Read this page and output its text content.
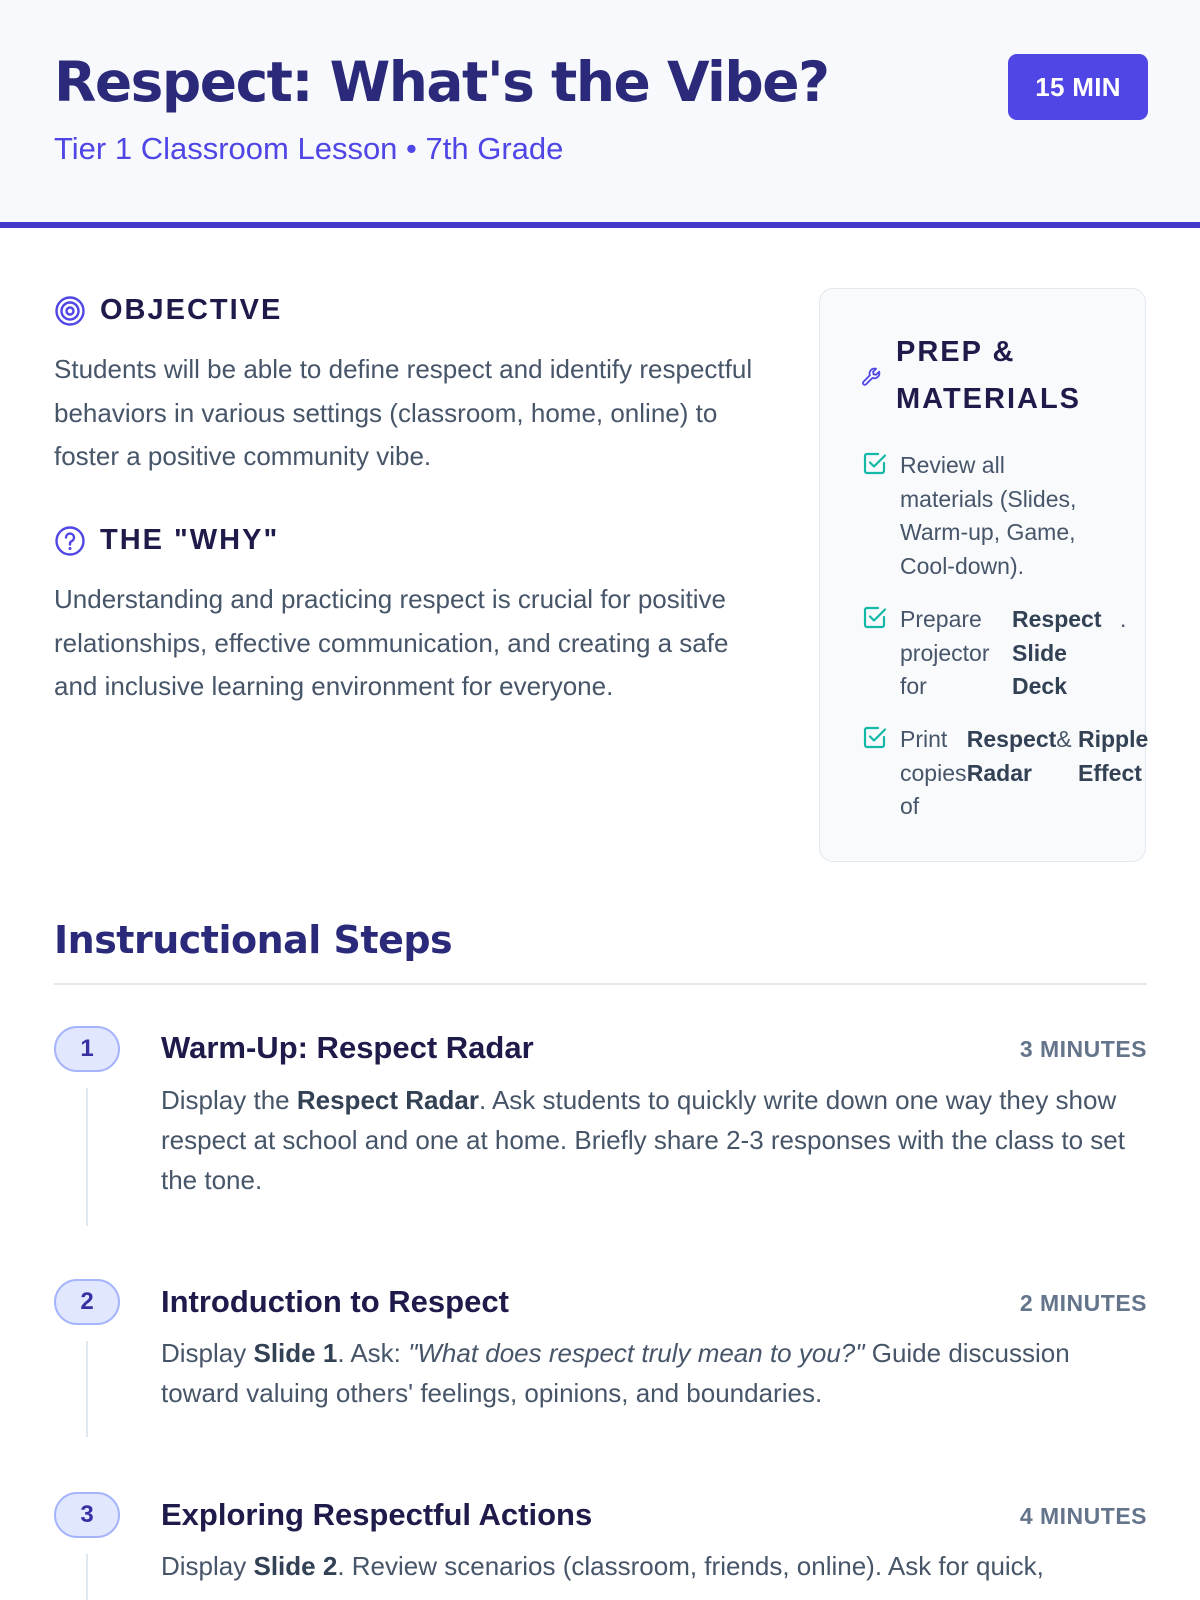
Respect: What's the Vibe?
Tier 1 Classroom Lesson • 7th Grade
15 MIN
OBJECTIVE

Students will be able to define respect and identify respectful behaviors in various settings (classroom, home, online) to foster a positive community vibe.

THE "WHY"

Understanding and practicing respect is crucial for positive relationships, effective communication, and creating a safe and inclusive learning environment for everyone.

PREP &
MATERIALS
Review all materials (Slides, Warm-up, Game, Cool-down).
Prepare projector for
Respect Slide Deck
.
Print copies of
Respect Radar
& Ripple Effect
Instructional Steps
1	Warm-Up: Respect Radar	3 MINUTES

Display the Respect Radar. Ask students to quickly write down one way they show respect at school and one at home. Briefly share 2-3 responses with the class to set the tone.

2	Introduction to Respect	2 MINUTES

Display Slide 1. Ask: "What does respect truly mean to you?" Guide discussion toward valuing others' feelings, opinions, and boundaries.

3	Exploring Respectful Actions	4 MINUTES

Display Slide 2. Review scenarios (classroom, friends, online). Ask for quick,
